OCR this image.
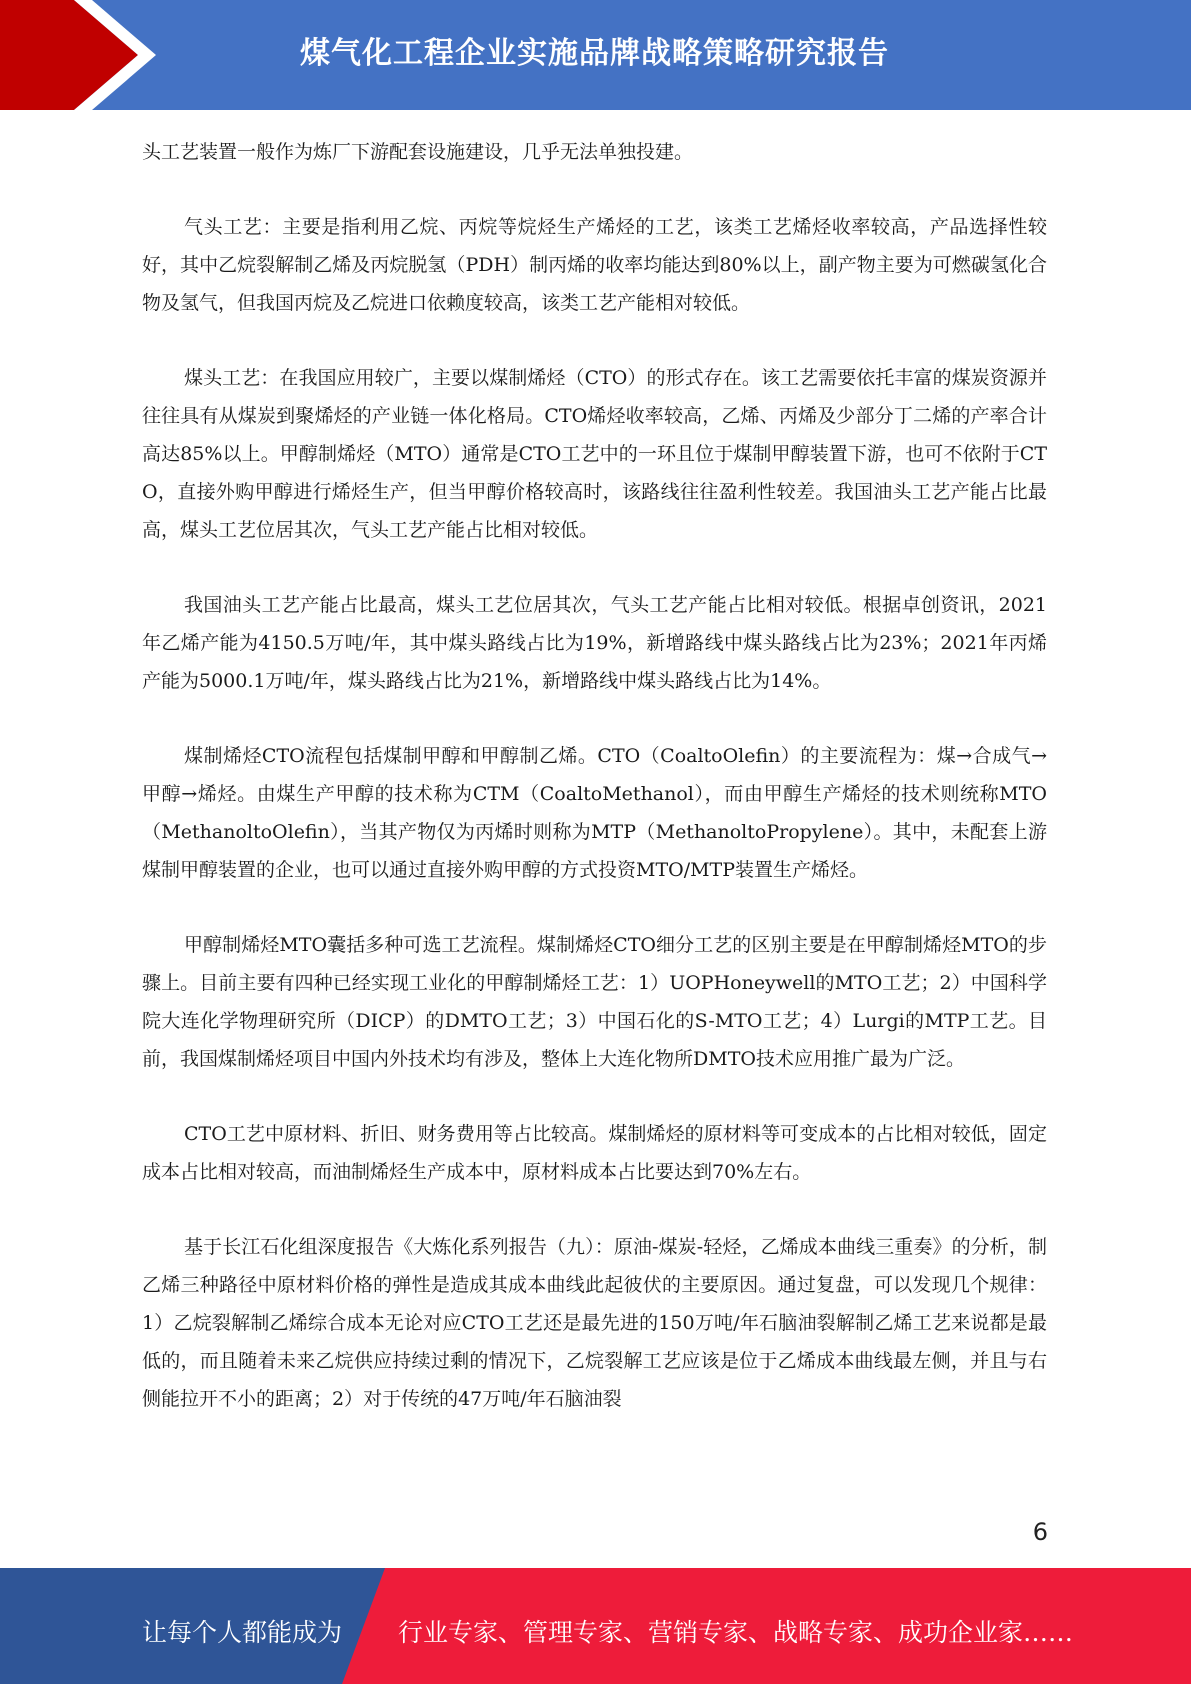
煤气化工程企业实施品牌战略策略研究报告

头工艺装置一般作为炼厂下游配套设施建设，几乎无法单独投建。

气头工艺：主要是指利用乙烷、丙烷等烷烃生产烯烃的工艺，该类工艺烯烃收率较高，产品选择性较好，其中乙烷裂解制乙烯及丙烷脱氢（PDH）制丙烯的收率均能达到80%以上，副产物主要为可燃碳氢化合物及氢气，但我国丙烷及乙烷进口依赖度较高，该类工艺产能相对较低。

煤头工艺：在我国应用较广，主要以煤制烯烃（CTO）的形式存在。该工艺需要依托丰富的煤炭资源并往往具有从煤炭到聚烯烃的产业链一体化格局。CTO烯烃收率较高，乙烯、丙烯及少部分丁二烯的产率合计高达85%以上。甲醇制烯烃（MTO）通常是CTO工艺中的一环且位于煤制甲醇装置下游，也可不依附于CTO，直接外购甲醇进行烯烃生产，但当甲醇价格较高时，该路线往往盈利性较差。我国油头工艺产能占比最高，煤头工艺位居其次，气头工艺产能占比相对较低。

我国油头工艺产能占比最高，煤头工艺位居其次，气头工艺产能占比相对较低。根据卓创资讯，2021年乙烯产能为4150.5万吨/年，其中煤头路线占比为19%，新增路线中煤头路线占比为23%；2021年丙烯产能为5000.1万吨/年，煤头路线占比为21%，新增路线中煤头路线占比为14%。

煤制烯烃CTO流程包括煤制甲醇和甲醇制乙烯。CTO（CoaltoOlefin）的主要流程为：煤→合成气→甲醇→烯烃。由煤生产甲醇的技术称为CTM（CoaltoMethanol），而由甲醇生产烯烃的技术则统称MTO（MethanoltoOlefin），当其产物仅为丙烯时则称为MTP（MethanoltoPropylene）。其中，未配套上游煤制甲醇装置的企业，也可以通过直接外购甲醇的方式投资MTO/MTP装置生产烯烃。

甲醇制烯烃MTO囊括多种可选工艺流程。煤制烯烃CTO细分工艺的区别主要是在甲醇制烯烃MTO的步骤上。目前主要有四种已经实现工业化的甲醇制烯烃工艺：1）UOPHoneywell的MTO工艺；2）中国科学院大连化学物理研究所（DICP）的DMTO工艺；3）中国石化的S-MTO工艺；4）Lurgi的MTP工艺。目前，我国煤制烯烃项目中国内外技术均有涉及，整体上大连化物所DMTO技术应用推广最为广泛。

CTO工艺中原材料、折旧、财务费用等占比较高。煤制烯烃的原材料等可变成本的占比相对较低，固定成本占比相对较高，而油制烯烃生产成本中，原材料成本占比要达到70%左右。

基于长江石化组深度报告《大炼化系列报告（九）：原油-煤炭-轻烃，乙烯成本曲线三重奏》的分析，制乙烯三种路径中原材料价格的弹性是造成其成本曲线此起彼伏的主要原因。通过复盘，可以发现几个规律：1）乙烷裂解制乙烯综合成本无论对应CTO工艺还是最先进的150万吨/年石脑油裂解制乙烯工艺来说都是最低的，而且随着未来乙烷供应持续过剩的情况下，乙烷裂解工艺应该是位于乙烯成本曲线最左侧，并且与右侧能拉开不小的距离；2）对于传统的47万吨/年石脑油裂

6
让每个人都能成为 行业专家、管理专家、营销专家、战略专家、成功企业家……
